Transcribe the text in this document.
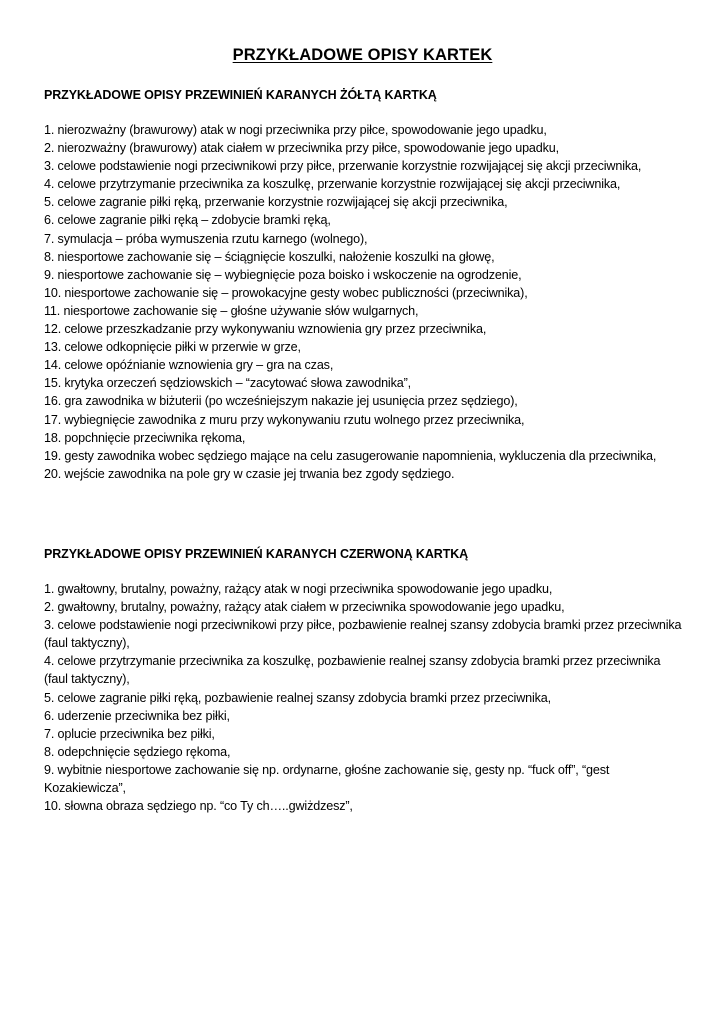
PRZYKŁADOWE OPISY KARTEK
PRZYKŁADOWE OPISY PRZEWINIEŃ KARANYCH ŻÓŁTĄ KARTKĄ
1. nierozważny (brawurowy) atak w nogi przeciwnika przy piłce, spowodowanie jego upadku,
2. nierozważny (brawurowy) atak ciałem w przeciwnika przy piłce, spowodowanie jego upadku,
3. celowe podstawienie nogi przeciwnikowi przy piłce, przerwanie korzystnie rozwijającej się akcji przeciwnika,
4. celowe przytrzymanie przeciwnika za koszulkę, przerwanie korzystnie rozwijającej się akcji przeciwnika,
5. celowe zagranie piłki ręką, przerwanie korzystnie rozwijającej się akcji przeciwnika,
6. celowe zagranie piłki ręką – zdobycie bramki ręką,
7. symulacja – próba wymuszenia rzutu karnego (wolnego),
8. niesportowe zachowanie się – ściągnięcie koszulki, nałożenie koszulki na głowę,
9. niesportowe zachowanie się – wybiegnięcie poza boisko i wskoczenie na ogrodzenie,
10. niesportowe zachowanie się – prowokacyjne gesty wobec publiczności (przeciwnika),
11. niesportowe zachowanie się – głośne używanie słów wulgarnych,
12. celowe przeszkadzanie przy wykonywaniu wznowienia gry przez przeciwnika,
13. celowe odkopnięcie piłki w przerwie w grze,
14. celowe opóźnianie wznowienia gry – gra na czas,
15. krytyka orzeczeń sędziowskich – “zacytować słowa zawodnika”,
16. gra zawodnika w biżuterii (po wcześniejszym nakazie jej usunięcia przez sędziego),
17. wybiegnięcie zawodnika z muru przy wykonywaniu rzutu wolnego przez przeciwnika,
18. popchnięcie przeciwnika rękoma,
19. gesty zawodnika wobec sędziego mające na celu zasugerowanie napomnienia, wykluczenia dla przeciwnika,
20. wejście zawodnika na pole gry w czasie jej trwania bez zgody sędziego.
PRZYKŁADOWE OPISY PRZEWINIEŃ KARANYCH CZERWONĄ KARTKĄ
1. gwałtowny, brutalny, poważny, rażący atak w nogi przeciwnika spowodowanie jego upadku,
2. gwałtowny, brutalny, poważny, rażący atak ciałem w przeciwnika spowodowanie jego upadku,
3. celowe podstawienie nogi przeciwnikowi przy piłce, pozbawienie realnej szansy zdobycia bramki przez przeciwnika (faul taktyczny),
4. celowe przytrzymanie przeciwnika za koszulkę, pozbawienie realnej szansy zdobycia bramki przez przeciwnika (faul taktyczny),
5. celowe zagranie piłki ręką, pozbawienie realnej szansy zdobycia bramki przez przeciwnika,
6. uderzenie przeciwnika bez piłki,
7. oplucie przeciwnika bez piłki,
8. odepchnięcie sędziego rękoma,
9. wybitnie niesportowe zachowanie się np. ordynarne, głośne zachowanie się, gesty np. “fuck off”, “gest Kozakiewicza”,
10. słowna obraza sędziego np. “co Ty ch…..gwiżdzesz”,
